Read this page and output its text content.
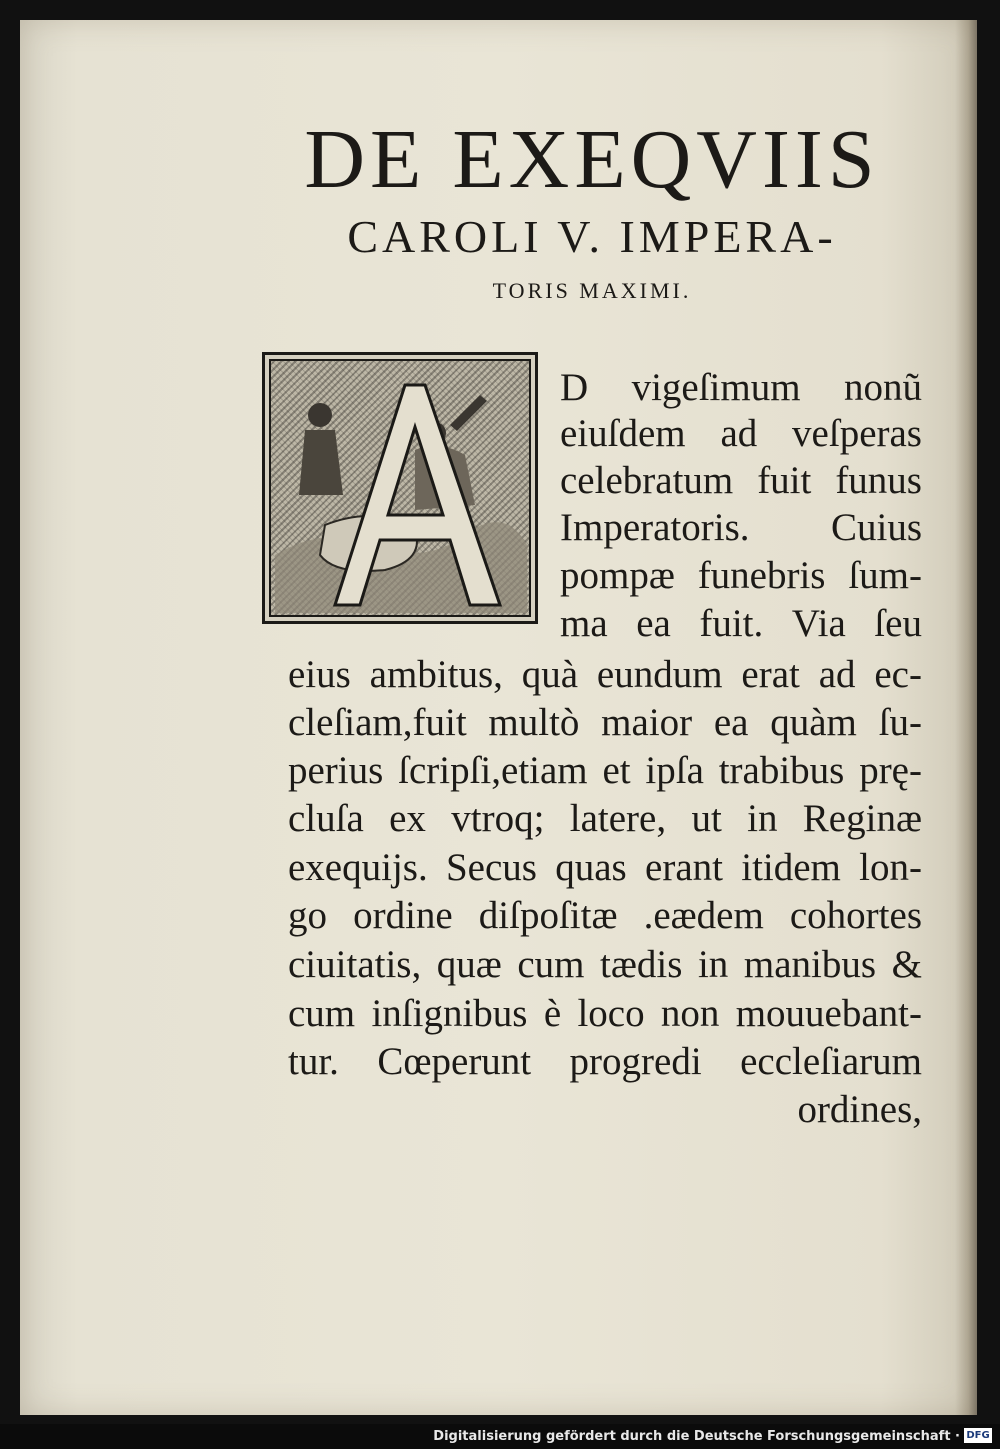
DE EXEQVIIS
CAROLI V. IMPERA-
TORIS MAXIMI.
D vigeſimum nonũ
eiuſdem ad veſperas
celebratum fuit funus
Imperatoris. Cuius
pompæ funebris ſum-
ma ea fuit. Via ſeu
eius ambitus, quà eundum erat ad ec-
cleſiam,fuit multò maior ea quàm ſu-
perius ſcripſi,etiam et ipſa trabibus prę-
cluſa ex vtroq; latere, ut in Reginæ
exequijs. Secus quas erant itidem lon-
go ordine diſpoſitæ .eædem cohortes
ciuitatis, quæ cum tædis in manibus &
cum inſignibus è loco non mouuebant-
tur. Cœperunt progredi eccleſiarum
ordines,
Digitalisierung gefördert durch die Deutsche Forschungsgemeinschaft · DFG
